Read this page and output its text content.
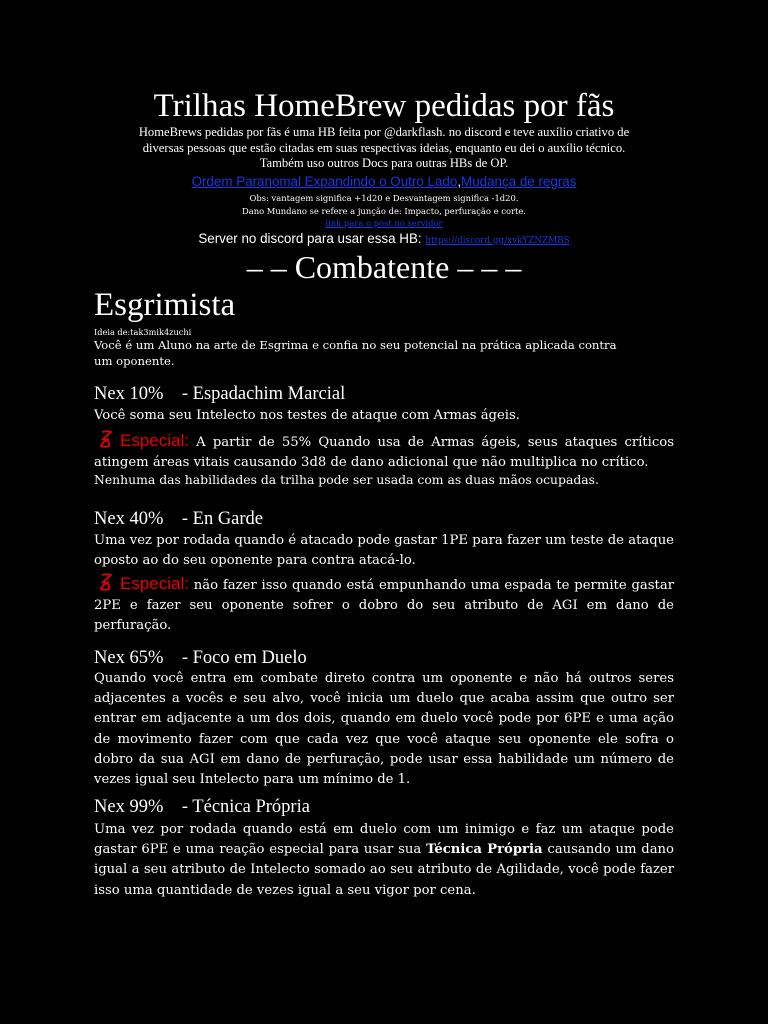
Trilhas HomeBrew pedidas por fãs

HomeBrews pedidas por fãs é uma HB feita por @darkflash. no discord e teve auxílio criativo de

diversas pessoas que estão citadas em suas respectivas ideias, enquanto eu dei o auxílio técnico.

Também uso outros Docs para outras HBs de OP.

Ordem Paranomal Expandindo o Outro Lado,Mudança de regras

Obs: vantagem significa +1d20 e Desvantagem significa -1d20.

Dano Mundano se refere a junção de: Impacto, perfuração e corte.

link para o post no servidor
Server no discord para usar essa HB: https://discord.gg/xvkYZNZMBS
– – Combatente – – –
Esgrimista
Ideia de:tak3mik4zuchi

Você é um Aluno na arte de Esgrima e confia no seu potencial na prática aplicada contra um oponente.

Nex 10%    - Espadachim Marcial

Você soma seu Intelecto nos testes de ataque com Armas ágeis.

Especial: A partir de 55% Quando usa de Armas ágeis, seus ataques críticos atingem áreas vitais causando 3d8 de dano adicional que não multiplica no crítico.

Nenhuma das habilidades da trilha pode ser usada com as duas mãos ocupadas.

Nex 40%    - En Garde

Uma vez por rodada quando é atacado pode gastar 1PE para fazer um teste de ataque oposto ao do seu oponente para contra atacá-lo.

Especial: não fazer isso quando está empunhando uma espada te permite gastar 2PE e fazer seu oponente sofrer o dobro do seu atributo de AGI em dano de perfuração.

Nex 65%    - Foco em Duelo

Quando você entra em combate direto contra um oponente e não há outros seres adjacentes a vocês e seu alvo, você inicia um duelo que acaba assim que outro ser entrar em adjacente a um dos dois, quando em duelo você pode por 6PE e uma ação de movimento fazer com que cada vez que você ataque seu oponente ele sofra o dobro da sua AGI em dano de perfuração, pode usar essa habilidade um número de vezes igual seu Intelecto para um mínimo de 1.

Nex 99%    - Técnica Própria

Uma vez por rodada quando está em duelo com um inimigo e faz um ataque pode gastar 6PE e uma reação especial para usar sua Técnica Própria causando um dano igual a seu atributo de Intelecto somado ao seu atributo de Agilidade, você pode fazer isso uma quantidade de vezes igual a seu vigor por cena.
